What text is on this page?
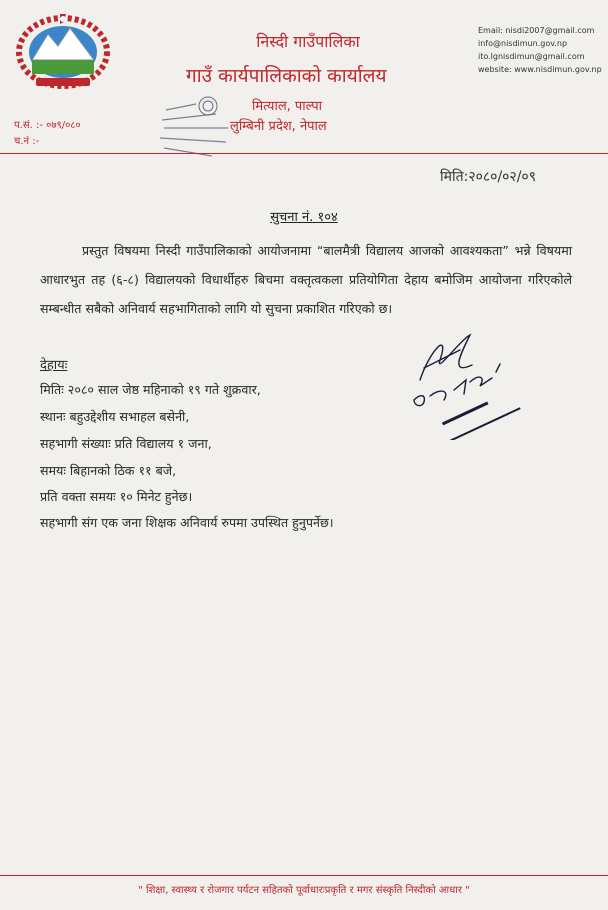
निस्दी गाउँपालिका
गाउँ कार्यपालिकाको कार्यालय
मित्याल, पाल्पा
लुम्बिनी प्रदेश, नेपाल
Email: nisdi2007@gmail.com
info@nisdimun.gov.np
ito.lgnisdimun@gmail.com
website: www.nisdimun.gov.np
प.सं. :- ०७९/०८०
च.नं :-
मिति:२०८०/०२/०९
सुचना नं. १०४
प्रस्तुत विषयमा निस्दी गाउँपालिकाको आयोजनामा “बालमैत्री विद्यालय आजको आवश्यकता” भन्ने विषयमा आधारभुत तह (६-८) विद्यालयको विधार्थीहरु बिचमा वक्तृत्वकला प्रतियोगिता देहाय बमोजिम आयोजना गरिएकोले सम्बन्धीत सबैको अनिवार्य सहभागिताको लागि यो सुचना प्रकाशित गरिएको छ।
देहायः
मितिः २०८० साल जेष्ठ महिनाको १९ गते शुक्रवार,
स्थानः बहुउद्देशीय सभाहल बसेनी,
सहभागी संख्याः प्रति विद्यालय १ जना,
समयः बिहानको ठिक ११ बजे,
प्रति वक्ता समयः १० मिनेट हुनेछ।
सहभागी संग एक जना शिक्षक अनिवार्य रुपमा उपस्थित हुनुपर्नेछ।
" शिक्षा, स्वास्थ्य र रोजगार पर्यटन सहितको पूर्वाधारःप्रकृति र मगर संस्कृति निस्दीको आधार "
